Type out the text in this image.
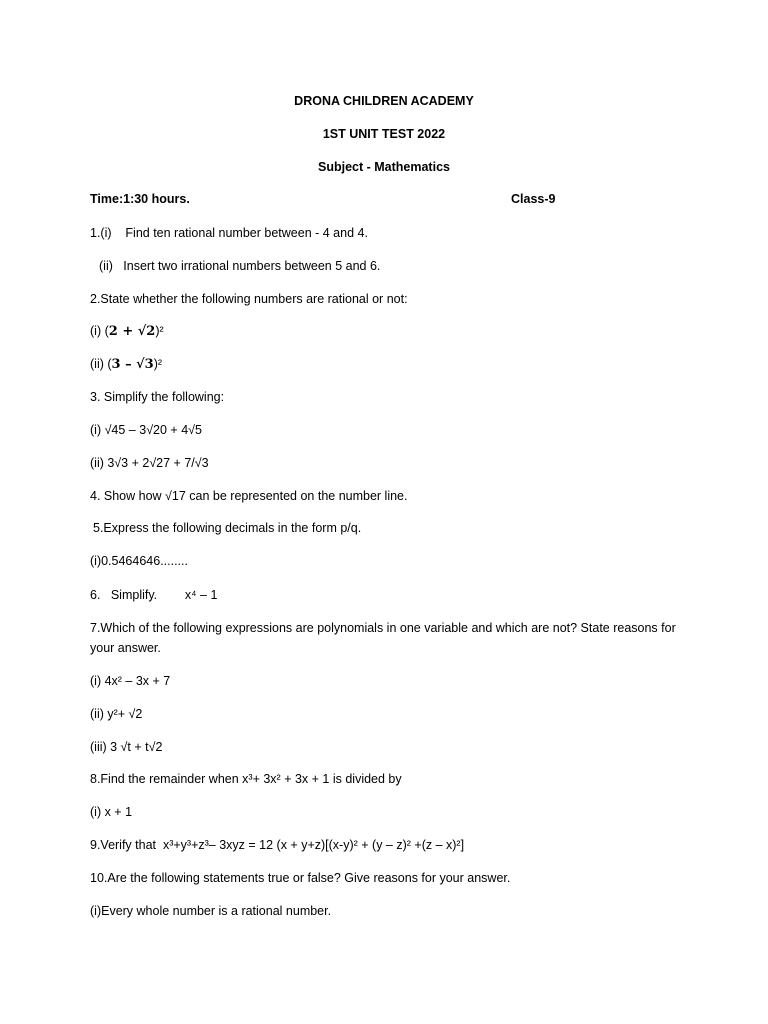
DRONA CHILDREN ACADEMY
1ST UNIT TEST 2022
Subject - Mathematics
Time:1:30 hours.	Class-9
1.(i)    Find ten rational number between - 4 and 4.
(ii)   Insert two irrational numbers between 5 and 6.
2.State whether the following numbers are rational or not:
(i) (2 + √2)²
(ii) (3 – √3)²
3. Simplify the following:
(i) √45 – 3√20 + 4√5
(ii) 3√3 + 2√27 + 7/√3
4. Show how √17 can be represented on the number line.
5.Express the following decimals in the form p/q.
(i)0.5464646........
6.   Simplify.        x⁴ – 1
7.Which of the following expressions are polynomials in one variable and which are not? State reasons for your answer.
(i) 4x² – 3x + 7
(ii) y²+ √2
(iii) 3 √t + t√2
8.Find the remainder when x³+ 3x² + 3x + 1 is divided by
(i) x + 1
9.Verify that  x³+y³+z³– 3xyz = 12 (x + y+z)[(x-y)² + (y – z)² +(z – x)²]
10.Are the following statements true or false? Give reasons for your answer.
(i)Every whole number is a rational number.
